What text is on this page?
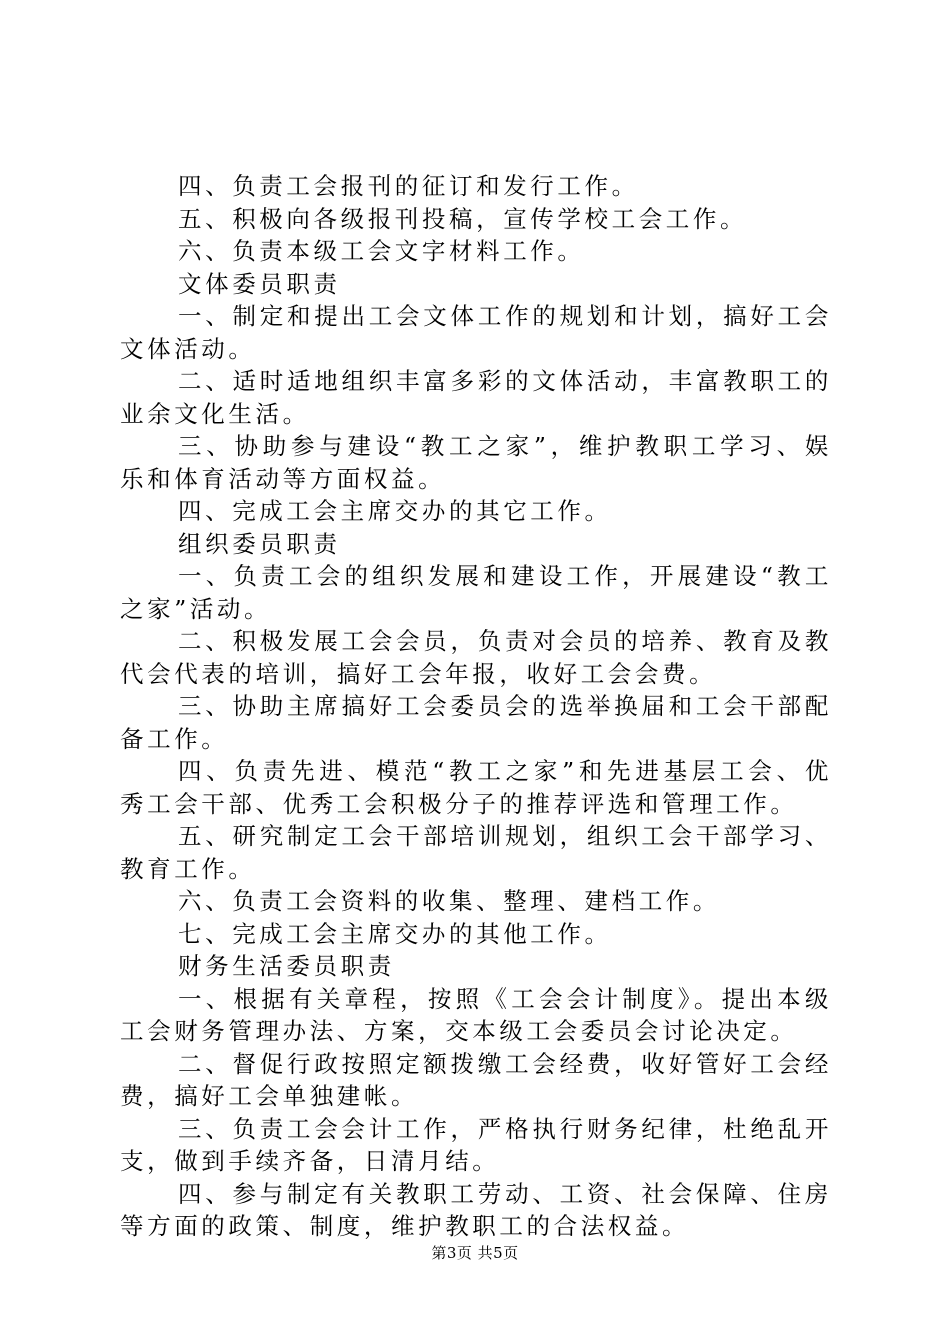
四、负责工会报刊的征订和发行工作。

五、积极向各级报刊投稿，宣传学校工会工作。

六、负责本级工会文字材料工作。

文体委员职责

一、制定和提出工会文体工作的规划和计划，搞好工会文体活动。

二、适时适地组织丰富多彩的文体活动，丰富教职工的业余文化生活。

三、协助参与建设“教工之家”，维护教职工学习、娱乐和体育活动等方面权益。

四、完成工会主席交办的其它工作。

组织委员职责

一、负责工会的组织发展和建设工作，开展建设“教工之家”活动。

二、积极发展工会会员，负责对会员的培养、教育及教代会代表的培训，搞好工会年报，收好工会会费。

三、协助主席搞好工会委员会的选举换届和工会干部配备工作。

四、负责先进、模范“教工之家”和先进基层工会、优秀工会干部、优秀工会积极分子的推荐评选和管理工作。

五、研究制定工会干部培训规划，组织工会干部学习、教育工作。

六、负责工会资料的收集、整理、建档工作。

七、完成工会主席交办的其他工作。

财务生活委员职责

一、根据有关章程，按照《工会会计制度》。提出本级工会财务管理办法、方案，交本级工会委员会讨论决定。

二、督促行政按照定额拨缴工会经费，收好管好工会经费，搞好工会单独建帐。

三、负责工会会计工作，严格执行财务纪律，杜绝乱开支，做到手续齐备，日清月结。

四、参与制定有关教职工劳动、工资、社会保障、住房等方面的政策、制度，维护教职工的合法权益。

第3页 共5页
